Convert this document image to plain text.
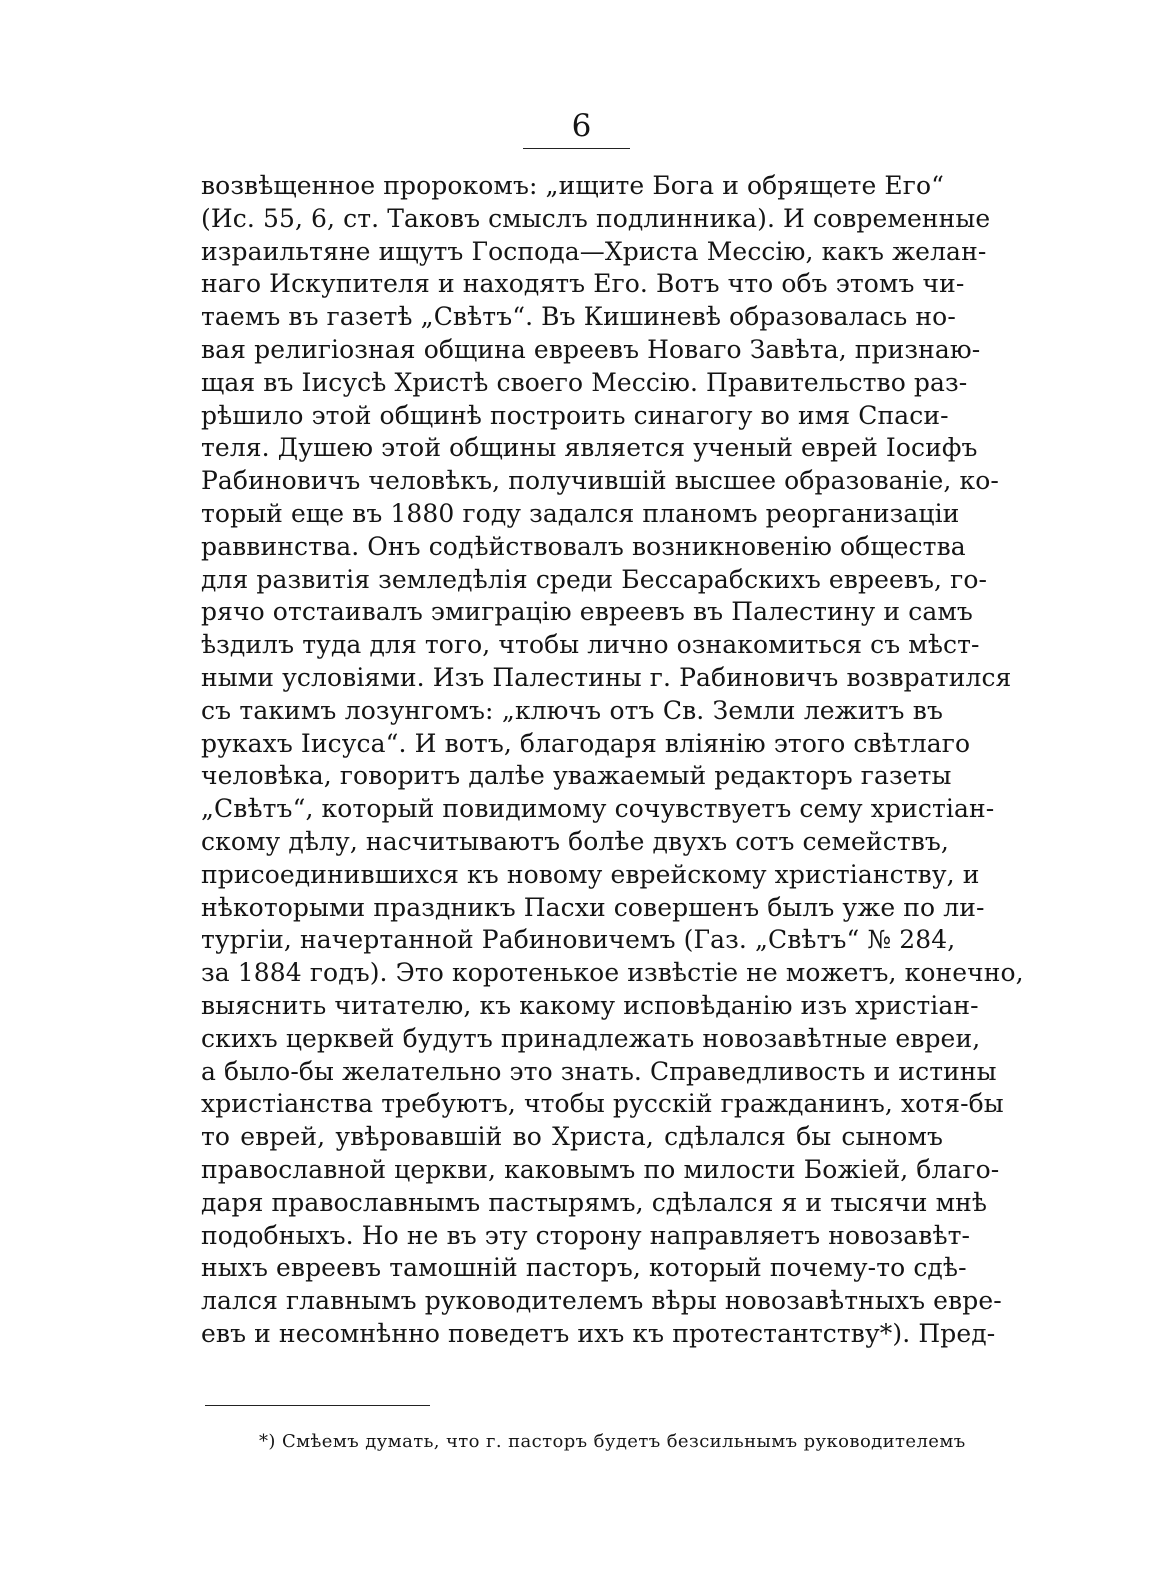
6
возвѣщенное пророкомъ: „ищите Бога и обрящете Его“
(Ис. 55, 6, ст. Таковъ смыслъ подлинника). И современные
израильтяне ищутъ Господа—Христа Мессію, какъ желан-
наго Искупителя и находятъ Его. Вотъ что объ этомъ чи-
таемъ въ газетѣ „Свѣтъ“. Въ Кишиневѣ образовалась но-
вая религіозная община евреевъ Новаго Завѣта, признаю-
щая въ Іисусѣ Христѣ своего Мессію. Правительство раз-
рѣшило этой общинѣ построить синагогу во имя Спаси-
теля. Душею этой общины является ученый еврей Іосифъ
Рабиновичъ человѣкъ, получившій высшее образованіе, ко-
торый еще въ 1880 году задался планомъ реорганизаціи
раввинства. Онъ содѣйствовалъ возникновенію общества
для развитія земледѣлія среди Бессарабскихъ евреевъ, го-
рячо отстаивалъ эмиграцію евреевъ въ Палестину и самъ
ѣздилъ туда для того, чтобы лично ознакомиться съ мѣст-
ными условіями. Изъ Палестины г. Рабиновичъ возвратился
съ такимъ лозунгомъ: „ключъ отъ Св. Земли лежитъ въ
рукахъ Іисуса“. И вотъ, благодаря вліянію этого свѣтлаго
человѣка, говоритъ далѣе уважаемый редакторъ газеты
„Свѣтъ“, который повидимому сочувствуетъ сему христіан-
скому дѣлу, насчитываютъ болѣе двухъ сотъ семействъ,
присоединившихся къ новому еврейскому христіанству, и
нѣкоторыми праздникъ Пасхи совершенъ былъ уже по ли-
тургіи, начертанной Рабиновичемъ (Газ. „Свѣтъ“ № 284,
за 1884 годъ). Это коротенькое извѣстіе не можетъ, конечно,
выяснить читателю, къ какому исповѣданію изъ христіан-
скихъ церквей будутъ принадлежать новозавѣтные евреи,
а было-бы желательно это знать. Справедливость и истины
христіанства требуютъ, чтобы русскій гражданинъ, хотя-бы
то еврей, увѣровавшій во Христа, сдѣлался бы сыномъ
православной церкви, каковымъ по милости Божіей, благо-
даря православнымъ пастырямъ, сдѣлался я и тысячи мнѣ
подобныхъ. Но не въ эту сторону направляетъ новозавѣт-
ныхъ евреевъ тамошній пасторъ, который почему-то сдѣ-
лался главнымъ руководителемъ вѣры новозавѣтныхъ евре-
евъ и несомнѣнно поведетъ ихъ къ протестантству*). Пред-
*) Смѣемъ думать, что г. пасторъ будетъ безсильнымъ руководителемъ
